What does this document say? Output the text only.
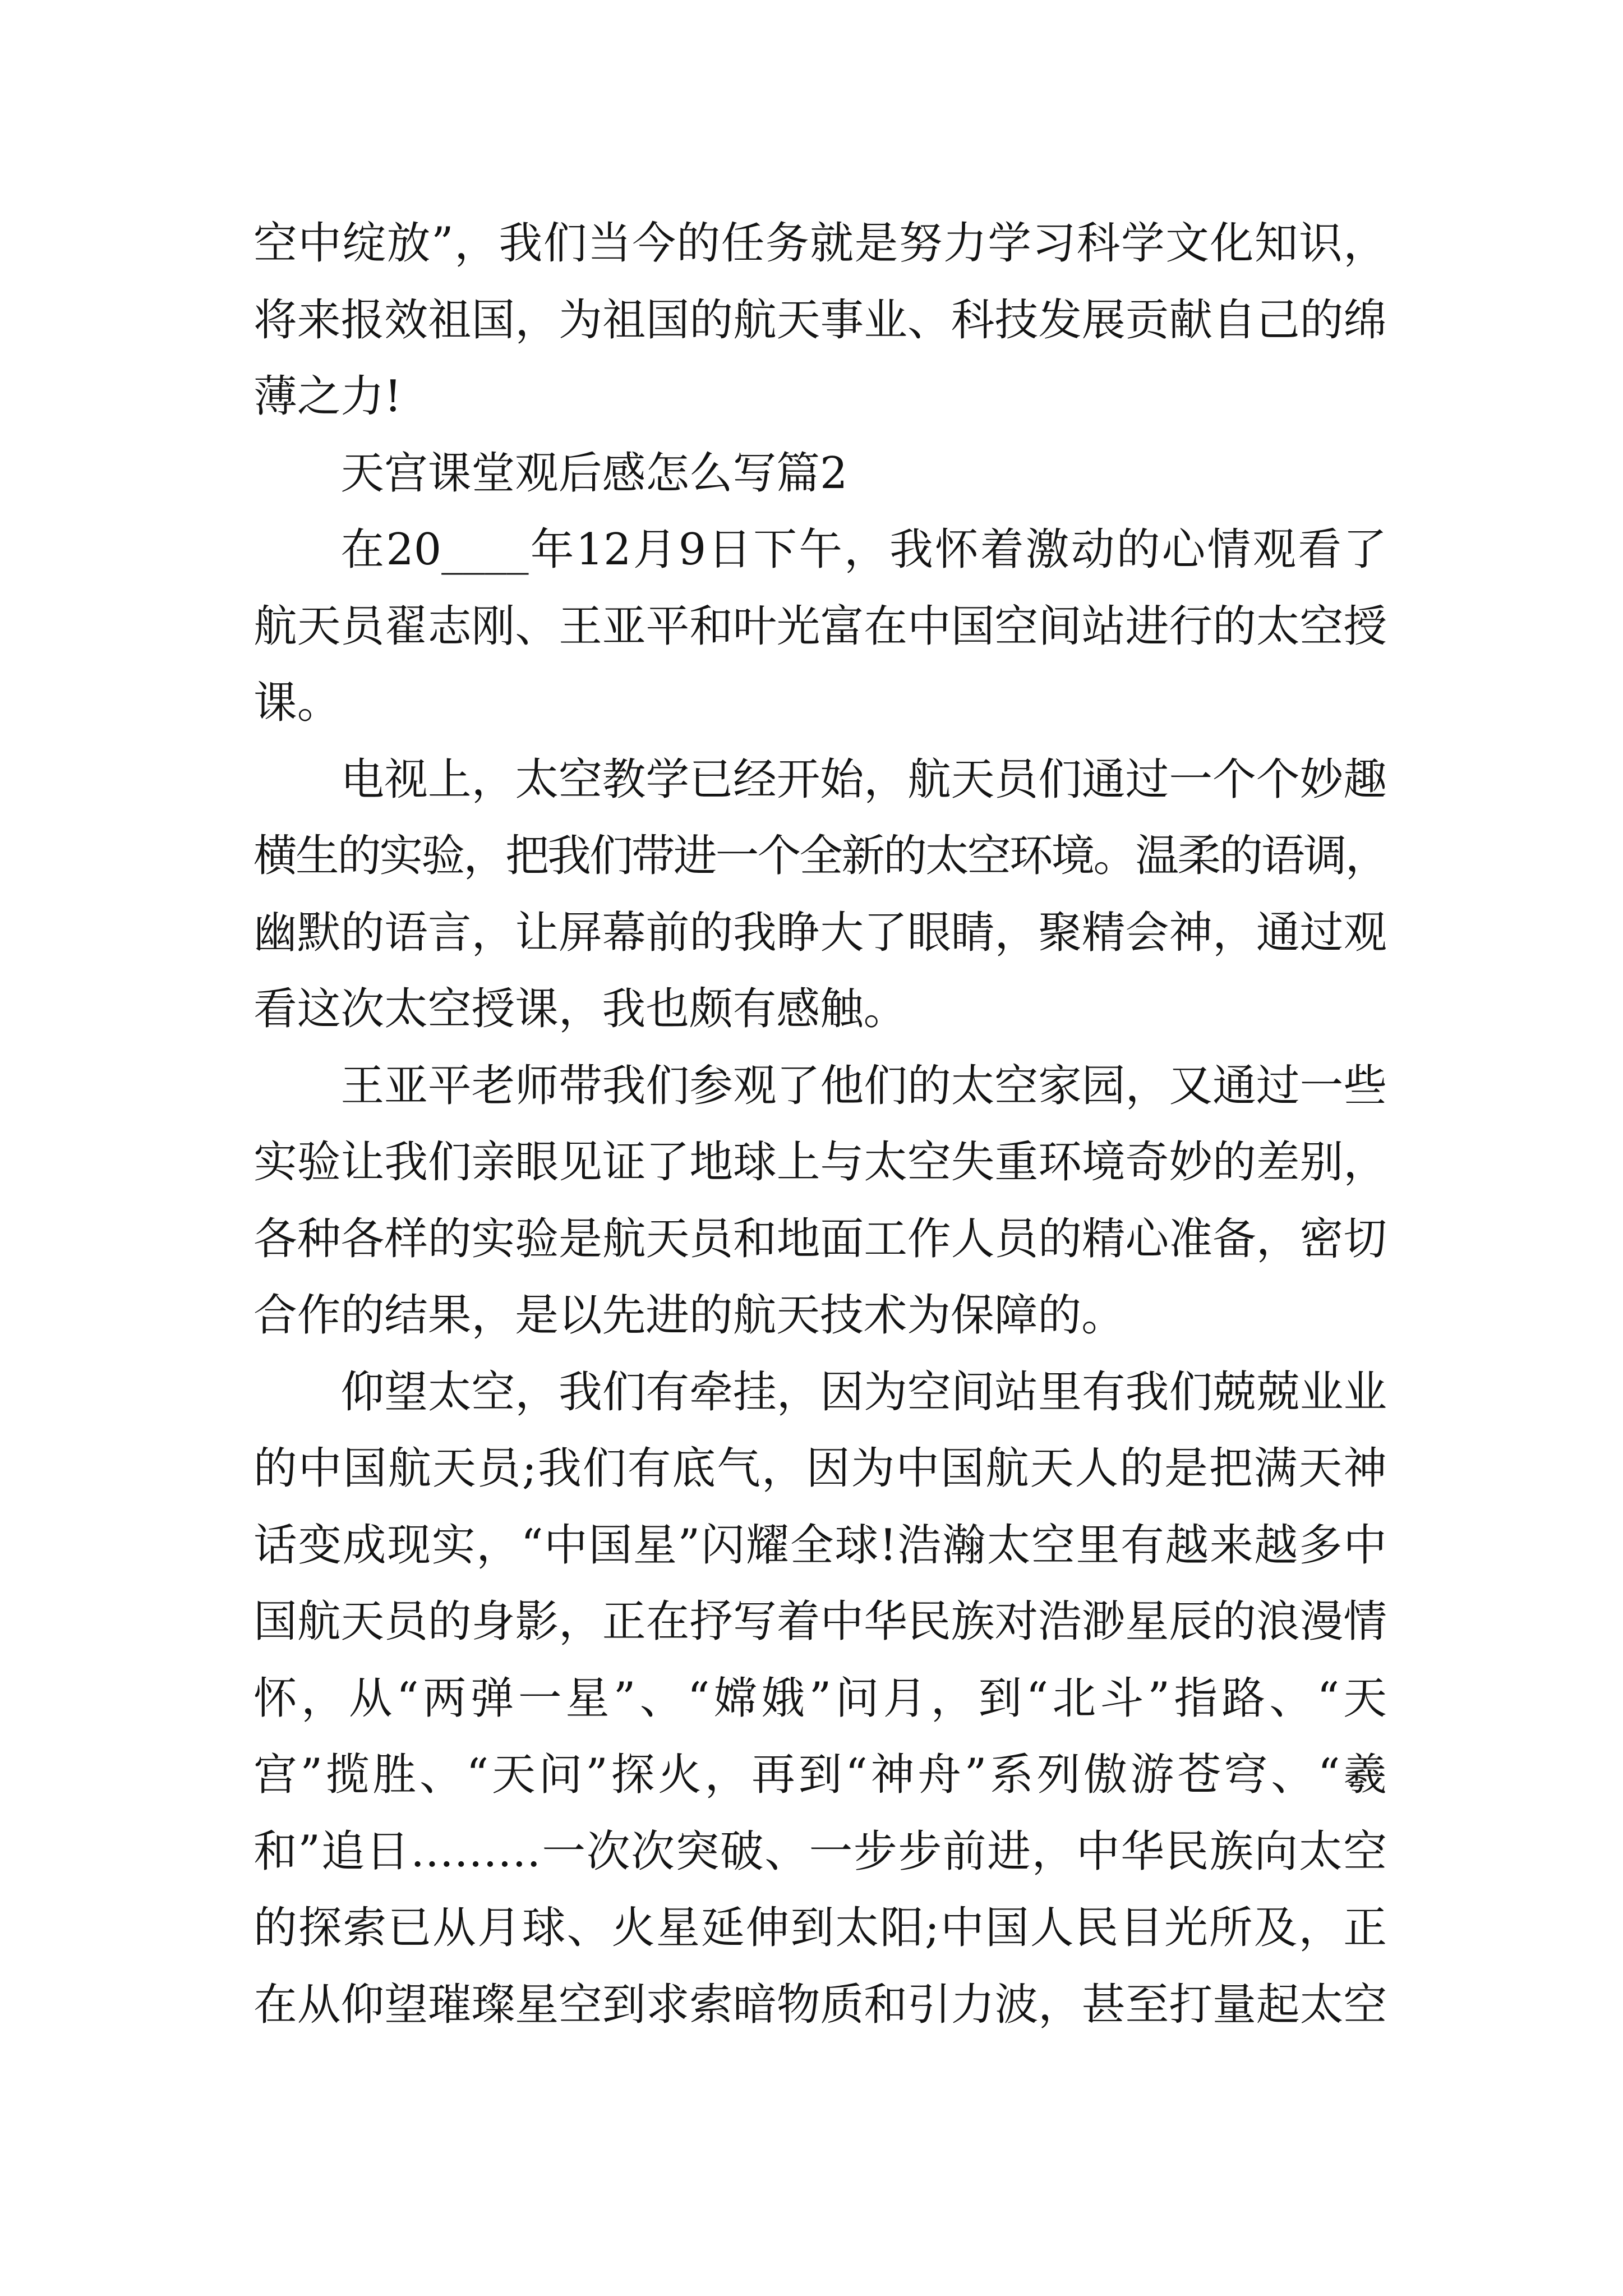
空中绽放”，我们当今的任务就是努力学习科学文化知识，
将来报效祖国，为祖国的航天事业、科技发展贡献自己的绵
薄之力!
天宫课堂观后感怎么写篇2
在20____年12月9日下午，我怀着激动的心情观看了
航天员翟志刚、王亚平和叶光富在中国空间站进行的太空授
课。
电视上，太空教学已经开始，航天员们通过一个个妙趣
横生的实验，把我们带进一个全新的太空环境。温柔的语调，
幽默的语言，让屏幕前的我睁大了眼睛，聚精会神，通过观
看这次太空授课，我也颇有感触。
王亚平老师带我们参观了他们的太空家园，又通过一些
实验让我们亲眼见证了地球上与太空失重环境奇妙的差别，
各种各样的实验是航天员和地面工作人员的精心准备，密切
合作的结果，是以先进的航天技术为保障的。
仰望太空，我们有牵挂，因为空间站里有我们兢兢业业
的中国航天员;我们有底气，因为中国航天人的是把满天神
话变成现实，“中国星”闪耀全球!浩瀚太空里有越来越多中
国航天员的身影，正在抒写着中华民族对浩渺星辰的浪漫情
怀，从“两弹一星”、“嫦娥”问月，到“北斗”指路、“天
宫”揽胜、“天问”探火，再到“神舟”系列傲游苍穹、“羲
和”追日………一次次突破、一步步前进，中华民族向太空
的探索已从月球、火星延伸到太阳;中国人民目光所及，正
在从仰望璀璨星空到求索暗物质和引力波，甚至打量起太空
